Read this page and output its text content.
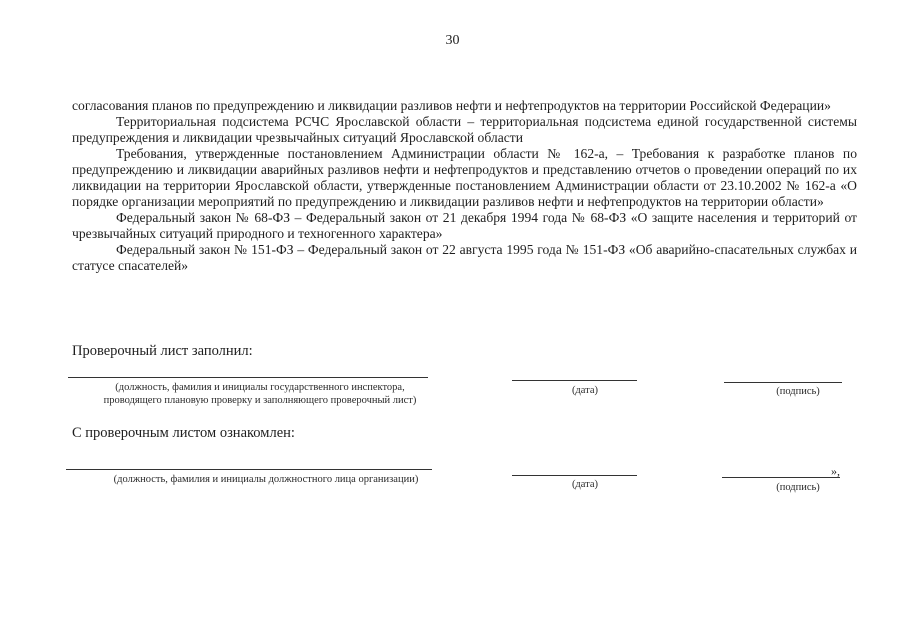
30

согласования планов по предупреждению и ликвидации разливов нефти и нефтепродуктов на территории Российской Федерации»

Территориальная подсистема РСЧС Ярославской области – территориальная подсистема единой государственной системы предупреждения и ликвидации чрезвычайных ситуаций Ярославской области

Требования, утвержденные постановлением Администрации области № 162-а, – Требования к разработке планов по предупреждению и ликвидации аварийных разливов нефти и нефтепродуктов и представлению отчетов о проведении операций по их ликвидации на территории Ярославской области, утвержденные постановлением Администрации области от 23.10.2002 № 162-а «О порядке организации мероприятий по предупреждению и ликвидации разливов нефти и нефтепродуктов на территории области»

Федеральный закон № 68-ФЗ – Федеральный закон от 21 декабря 1994 года № 68-ФЗ «О защите населения и территорий от чрезвычайных ситуаций природного и техногенного характера»

Федеральный закон № 151-ФЗ – Федеральный закон от 22 августа 1995 года № 151-ФЗ «Об аварийно-спасательных службах и статусе спасателей»

Проверочный лист заполнил:
(должность, фамилия и инициалы государственного инспектора,
проводящего плановую проверку и заполняющего проверочный лист)
(дата)	(подпись)
С проверочным листом ознакомлен:
(должность, фамилия и инициалы должностного лица организации)	(дата)
»,
(подпись)
